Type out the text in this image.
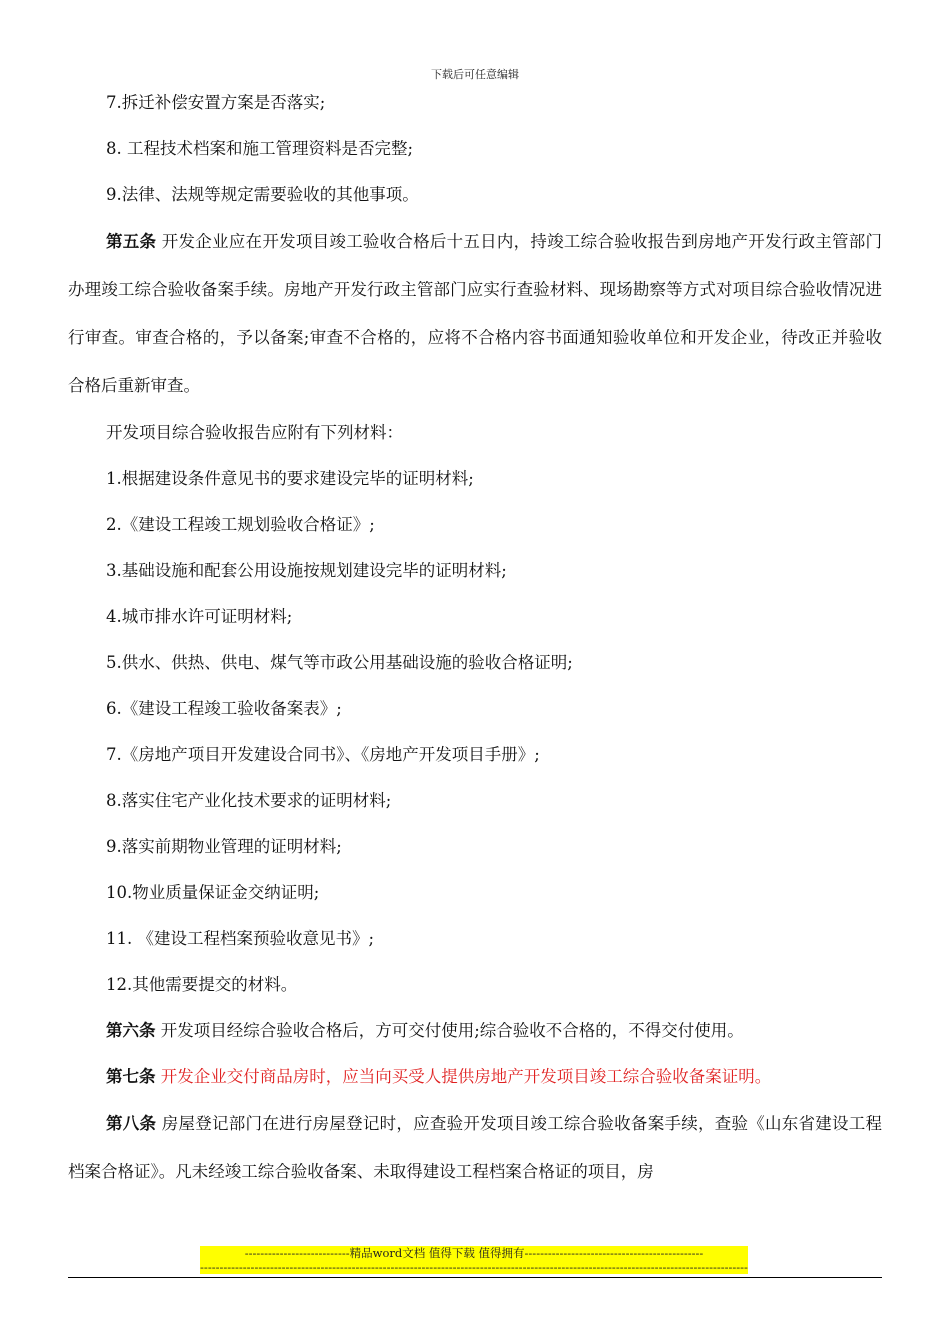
下载后可任意编辑
7.拆迁补偿安置方案是否落实;
8. 工程技术档案和施工管理资料是否完整;
9.法律、法规等规定需要验收的其他事项。
第五条 开发企业应在开发项目竣工验收合格后十五日内，持竣工综合验收报告到房地产开发行政主管部门办理竣工综合验收备案手续。房地产开发行政主管部门应实行查验材料、现场勘察等方式对项目综合验收情况进行审查。审查合格的，予以备案;审查不合格的，应将不合格内容书面通知验收单位和开发企业，待改正并验收合格后重新审查。
开发项目综合验收报告应附有下列材料：
1.根据建设条件意见书的要求建设完毕的证明材料;
2.《建设工程竣工规划验收合格证》;
3.基础设施和配套公用设施按规划建设完毕的证明材料;
4.城市排水许可证明材料;
5.供水、供热、供电、煤气等市政公用基础设施的验收合格证明;
6.《建设工程竣工验收备案表》;
7.《房地产项目开发建设合同书》、《房地产开发项目手册》;
8.落实住宅产业化技术要求的证明材料;
9.落实前期物业管理的证明材料;
10.物业质量保证金交纳证明;
11. 《建设工程档案预验收意见书》;
12.其他需要提交的材料。
第六条 开发项目经综合验收合格后，方可交付使用;综合验收不合格的，不得交付使用。
第七条 开发企业交付商品房时，应当向买受人提供房地产开发项目竣工综合验收备案证明。
第八条 房屋登记部门在进行房屋登记时，应查验开发项目竣工综合验收备案手续，查验《山东省建设工程档案合格证》。凡未经竣工综合验收备案、未取得建设工程档案合格证的项目，房
---------------------------精品word文档 值得下载 值得拥有----------------------------------------------
---------------------------------------------------------------------------------------------------------------------------------------------
